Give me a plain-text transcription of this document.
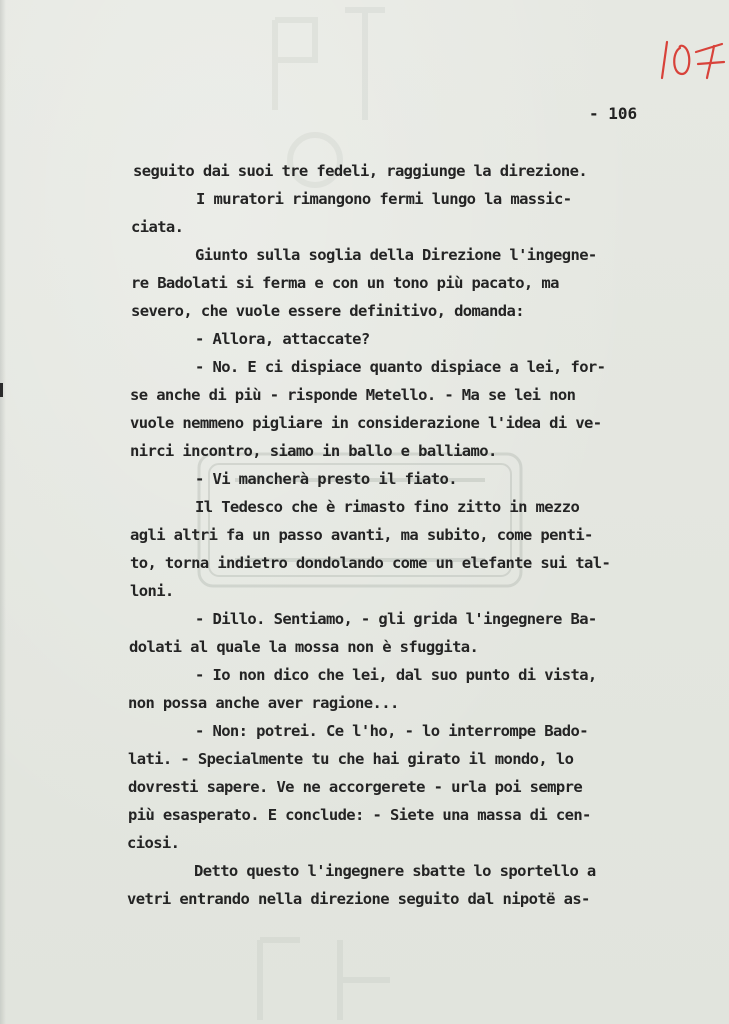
- 106
seguito dai suoi tre fedeli, raggiunge la direzione.
I muratori rimangono fermi lungo la massic-
ciata.
Giunto sulla soglia della Direzione l'ingegne-
re Badolati si ferma e con un tono più pacato, ma
severo, che vuole essere definitivo, domanda:
- Allora, attaccate?
- No. E ci dispiace quanto dispiace a lei, for-
se anche di più - risponde Metello. - Ma se lei non
vuole nemmeno pigliare in considerazione l'idea di ve-
nirci incontro, siamo in ballo e balliamo.
- Vi mancherà presto il fiato.
Il Tedesco che è rimasto fino zitto in mezzo
agli altri fa un passo avanti, ma subito, come penti-
to, torna indietro dondolando come un elefante sui tal-
loni.
- Dillo. Sentiamo, - gli grida l'ingegnere Ba-
dolati al quale la mossa non è sfuggita.
- Io non dico che lei, dal suo punto di vista,
non possa anche aver ragione...
- Non: potrei. Ce l'ho, - lo interrompe Bado-
lati. - Specialmente tu che hai girato il mondo, lo
dovresti sapere. Ve ne accorgerete - urla poi sempre
più esasperato. E conclude: - Siete una massa di cen-
ciosi.
Detto questo l'ingegnere sbatte lo sportello a
vetri entrando nella direzione seguito dal nipotë as-
